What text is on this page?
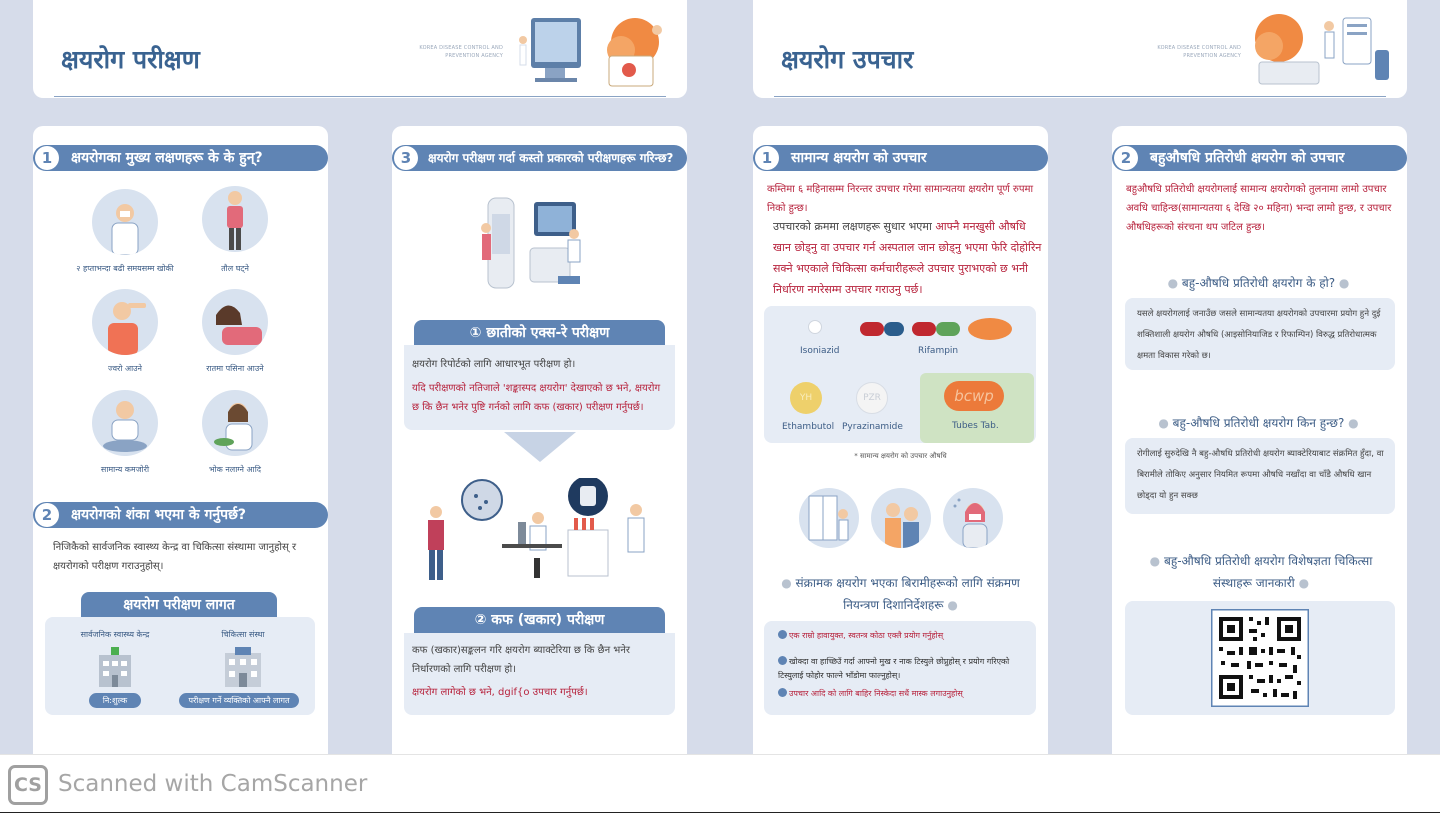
क्षयरोग परीक्षण	KOREA DISEASE CONTROL AND PREVENTION AGENCY
1	क्षयरोगका मुख्य लक्षणहरू के के हुन्?
२ हप्ताभन्दा बढी समयसम्म खोकी	तौल घट्ने
ज्वरो आउने	रातमा पसिना आउने
सामान्य कमजोरी	भोक नलाग्ने आदि
2	क्षयरोगको शंका भएमा के गर्नुपर्छ?
निजिकैको सार्वजनिक स्वास्थ्य केन्द्र वा चिकित्सा संस्थामा जानुहोस् र क्षयरोगको परीक्षण गराउनुहोस्।
क्षयरोग परीक्षण लागत
सार्वजनिक स्वास्थ्य केन्द्र
नि:शुल्क
चिकित्सा संस्था
परीक्षण गर्ने व्यक्तिको आफ्नै लागत
3	क्षयरोग परीक्षण गर्दा कस्तो प्रकारको परीक्षणहरू गरिन्छ?
① छातीको एक्स-रे परीक्षण
क्षयरोग रिपोर्टको लागि आधारभूत परीक्षण हो।
यदि परीक्षणको नतिजाले 'शङ्कास्पद क्षयरोग' देखाएको छ भने, क्षयरोग छ कि छैन भनेर पुष्टि गर्नको लागि कफ (खकार) परीक्षण गर्नुपर्छ।
② कफ (खकार) परीक्षण
कफ (खकार)सङ्कलन गरि क्षयरोग ब्याक्टेरिया छ कि छैन भनेर निर्धारणको लागि परीक्षण हो।
क्षयरोग लागेको छ भने, dgif{o उपचार गर्नुपर्छ।
क्षयरोग उपचार	KOREA DISEASE CONTROL AND PREVENTION AGENCY
1	सामान्य क्षयरोग को उपचार
कम्तिमा ६ महिनासम्म निरन्तर उपचार गरेमा सामान्यतया क्षयरोग पूर्ण रुपमा निको हुन्छ।
उपचारको क्रममा लक्षणहरू सुधार भएमा आफ्नै मनखुसी औषधि खान छोड्नु वा उपचार गर्न अस्पताल जान छोड्नु भएमा फेरि दोहोरिन सक्ने भएकाले चिकित्सा कर्मचारीहरूले उपचार पुराभएको छ भनी निर्धारण नगरेसम्म उपचार गराउनु पर्छ।
Isoniazid	Rifampin
bcwp
Tubes Tab.
YH
Ethambutol
PZR
Pyrazinamide
* सामान्य क्षयरोग को उपचार औषधि
● संक्रामक क्षयरोग भएका बिरामीहरूको लागि संक्रमण नियन्त्रण दिशानिर्देशहरू ●
एक राम्रो हावायुक्त, स्वतन्त्र कोठा एक्लै प्रयोग गर्नुहोस्
खोक्दा वा हाच्छिउँ गर्दा आफ्नो मुख र नाक टिस्युले छोप्नुहोस् र प्रयोग गरिएको टिस्युलाई फोहोर फाल्ने भाँडोमा फाल्नुहोस्।
उपचार आदि को लागि बाहिर निस्केदा सधैं मास्क लगाउनुहोस्
2	बहुऔषधि प्रतिरोधी क्षयरोग को उपचार
बहुऔषधि प्रतिरोधी क्षयरोगलाई सामान्य क्षयरोगको तुलनामा लामो उपचार अवधि चाहिन्छ(सामान्यतया ६ देखि २० महिना) भन्दा लामो हुन्छ, र उपचार औषधिहरूको संरचना थप जटिल हुन्छ।
● बहु-औषधि प्रतिरोधी क्षयरोग के हो? ●
यसले क्षयरोगलाई जनाउँछ जसले सामान्यतया क्षयरोगको उपचारमा प्रयोग हुने दुई शक्तिशाली क्षयरोग औषधि (आइसोनियाजिड र रिफाम्पिन) विरुद्ध प्रतिरोधात्मक क्षमता विकास गरेको छ।
● बहु-औषधि प्रतिरोधी क्षयरोग किन हुन्छ? ●
रोगीलाई सुरुदेखि नै बहु-औषधि प्रतिरोधी क्षयरोग ब्याक्टेरियाबाट संक्रमित हुँदा, वा बिरामीले तोकिए अनुसार नियमित रूपमा औषधि नखाँदा वा चाँडै औषधि खान छोड्दा यो हुन सक्छ
● बहु-औषधि प्रतिरोधी क्षयरोग विशेषज्ञता चिकित्सा संस्थाहरू जानकारी ●
CS Scanned with CamScanner
